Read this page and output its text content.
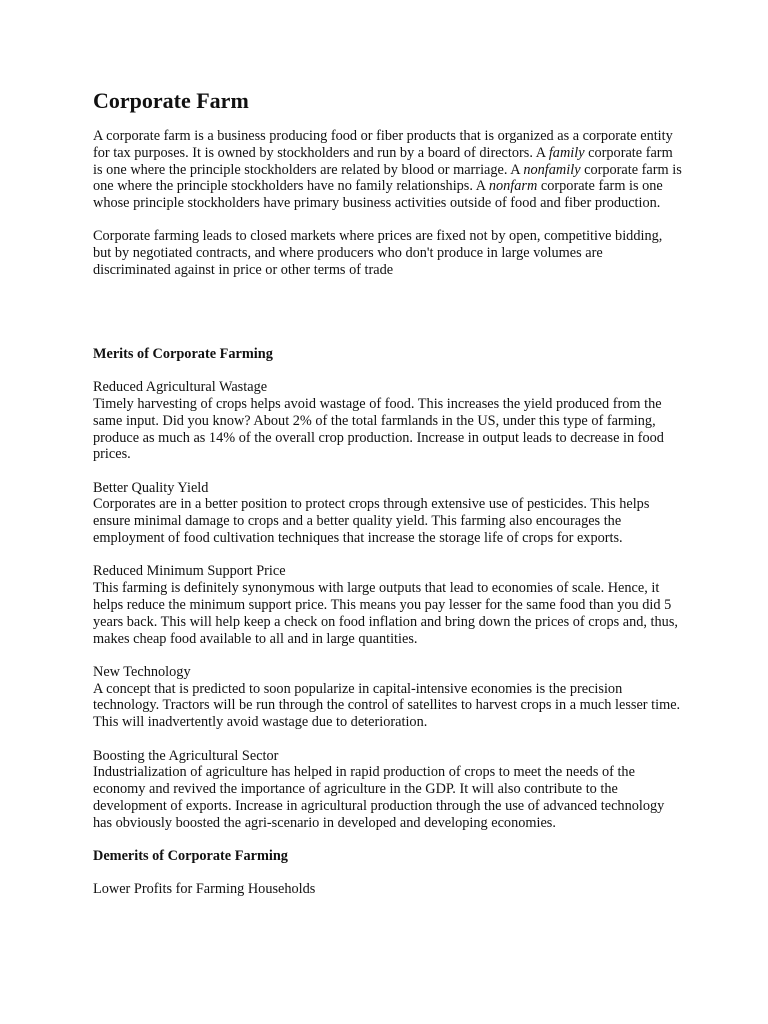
Corporate Farm

A corporate farm is a business producing food or fiber products that is organized as a corporate entity for tax purposes. It is owned by stockholders and run by a board of directors. A family corporate farm is one where the principle stockholders are related by blood or marriage. A nonfamily corporate farm is one where the principle stockholders have no family relationships. A nonfarm corporate farm is one whose principle stockholders have primary business activities outside of food and fiber production.

Corporate farming leads to closed markets where prices are fixed not by open, competitive bidding, but by negotiated contracts, and where producers who don't produce in large volumes are discriminated against in price or other terms of trade

Merits of Corporate Farming

Reduced Agricultural Wastage

Timely harvesting of crops helps avoid wastage of food. This increases the yield produced from the same input. Did you know? About 2% of the total farmlands in the US, under this type of farming, produce as much as 14% of the overall crop production. Increase in output leads to decrease in food prices.

Better Quality Yield

Corporates are in a better position to protect crops through extensive use of pesticides. This helps ensure minimal damage to crops and a better quality yield. This farming also encourages the employment of food cultivation techniques that increase the storage life of crops for exports.

Reduced Minimum Support Price

This farming is definitely synonymous with large outputs that lead to economies of scale. Hence, it helps reduce the minimum support price. This means you pay lesser for the same food than you did 5 years back. This will help keep a check on food inflation and bring down the prices of crops and, thus, makes cheap food available to all and in large quantities.

New Technology

A concept that is predicted to soon popularize in capital-intensive economies is the precision technology. Tractors will be run through the control of satellites to harvest crops in a much lesser time. This will inadvertently avoid wastage due to deterioration.

Boosting the Agricultural Sector

Industrialization of agriculture has helped in rapid production of crops to meet the needs of the economy and revived the importance of agriculture in the GDP. It will also contribute to the development of exports. Increase in agricultural production through the use of advanced technology has obviously boosted the agri-scenario in developed and developing economies.

Demerits of Corporate Farming

Lower Profits for Farming Households
